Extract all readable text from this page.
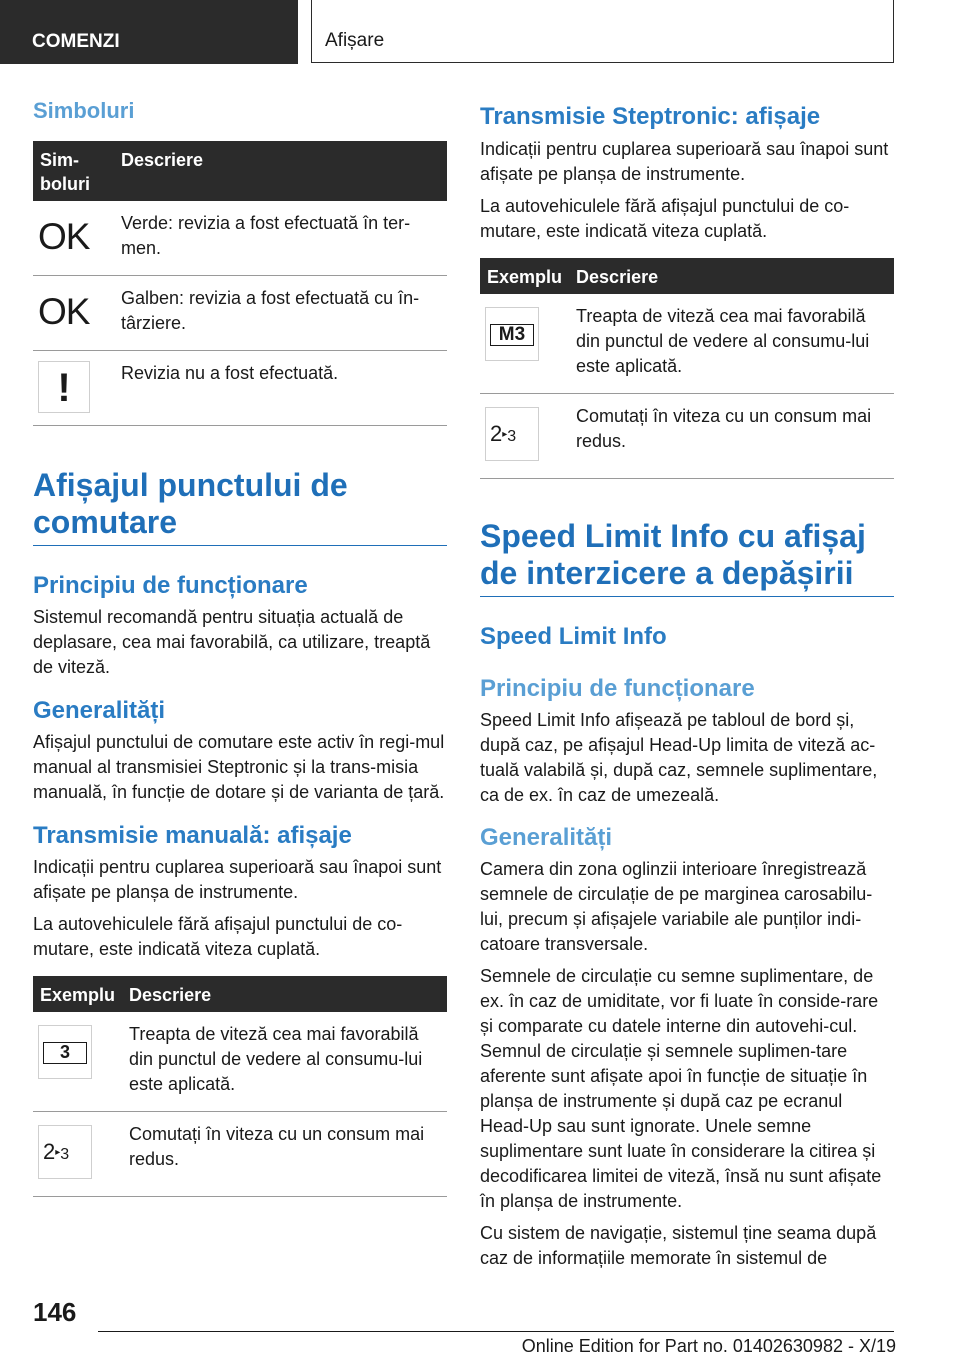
COMENZI	Afișare
Simboluri
Sim-
boluri	Descriere

OK	Verde: revizia a fost efectuată în ter-men.

OK	Galben: revizia a fost efectuată cu în-târziere.

!	Revizia nu a fost efectuată.
Afișajul punctului de comutare
Principiu de funcționare

Sistemul recomandă pentru situația actuală de deplasare, cea mai favorabilă, ca utilizare, treaptă de viteză.

Generalități

Afișajul punctului de comutare este activ în regi-mul manual al transmisiei Steptronic și la trans-misia manuală, în funcție de dotare și de varianta de țară.

Transmisie manuală: afișaje

Indicații pentru cuplarea superioară sau înapoi sunt afișate pe planșa de instrumente.

La autovehiculele fără afișajul punctului de co-mutare, este indicată viteza cuplată.

Exemplu	Descriere

3	Treapta de viteză cea mai favorabilă din punctul de vedere al consumu-lui este aplicată.

2▸3	Comutați în viteza cu un consum mai redus.
Transmisie Steptronic: afișaje

Indicații pentru cuplarea superioară sau înapoi sunt afișate pe planșa de instrumente.

La autovehiculele fără afișajul punctului de co-mutare, este indicată viteza cuplată.

Exemplu	Descriere

M3	Treapta de viteză cea mai favorabilă din punctul de vedere al consumu-lui este aplicată.

2▸3	Comutați în viteza cu un consum mai redus.
Speed Limit Info cu afișaj de interzicere a depășirii
Speed Limit Info
Principiu de funcționare

Speed Limit Info afișează pe tabloul de bord și, după caz, pe afișajul Head-Up limita de viteză ac-tuală valabilă și, după caz, semnele suplimentare, ca de ex. în caz de umezeală.

Generalități

Camera din zona oglinzii interioare înregistrează semnele de circulație de pe marginea carosabilu-lui, precum și afișajele variabile ale punților indi-catoare transversale.

Semnele de circulație cu semne suplimentare, de ex. în caz de umiditate, vor fi luate în conside-rare și comparate cu datele interne din autovehi-cul. Semnul de circulație și semnele suplimen-tare aferente sunt afișate apoi în funcție de situație în planșa de instrumente și după caz pe ecranul Head-Up sau sunt ignorate. Unele semne suplimentare sunt luate în considerare la citirea și decodificarea limitei de viteză, însă nu sunt afișate în planșa de instrumente.

Cu sistem de navigație, sistemul ține seama după caz de informațiile memorate în sistemul de

146
Online Edition for Part no. 01402630982 - X/19
